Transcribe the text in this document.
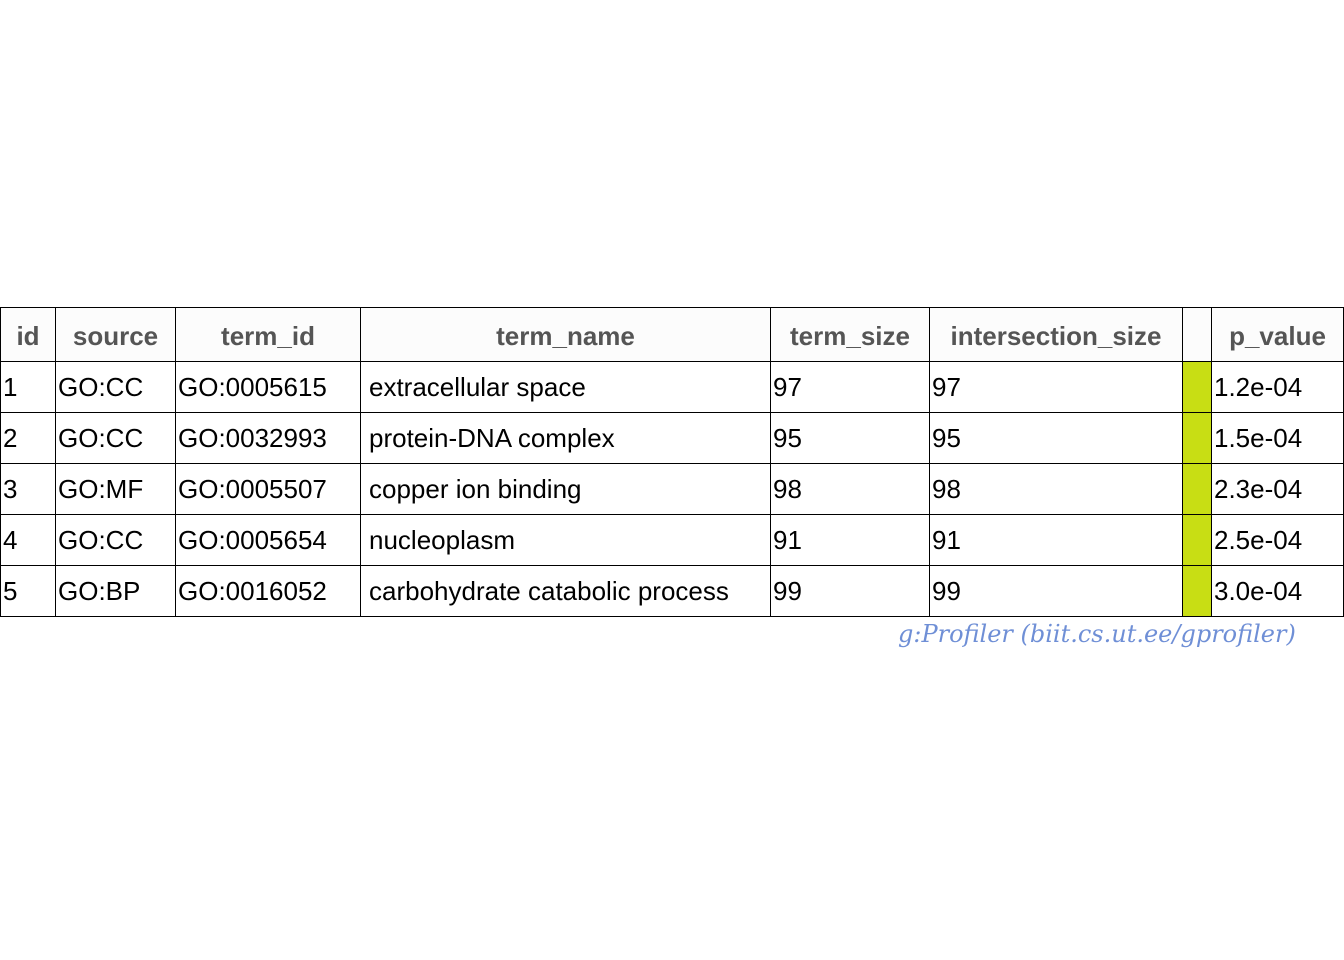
id	source	term_id	term_name	term_size	intersection_size		p_value
1	GO:CC	GO:0005615	extracellular space	97	97		1.2e-04
2	GO:CC	GO:0032993	protein-DNA complex	95	95		1.5e-04
3	GO:MF	GO:0005507	copper ion binding	98	98		2.3e-04
4	GO:CC	GO:0005654	nucleoplasm	91	91		2.5e-04
5	GO:BP	GO:0016052	carbohydrate catabolic process	99	99		3.0e-04
g:Profiler (biit.cs.ut.ee/gprofiler)
